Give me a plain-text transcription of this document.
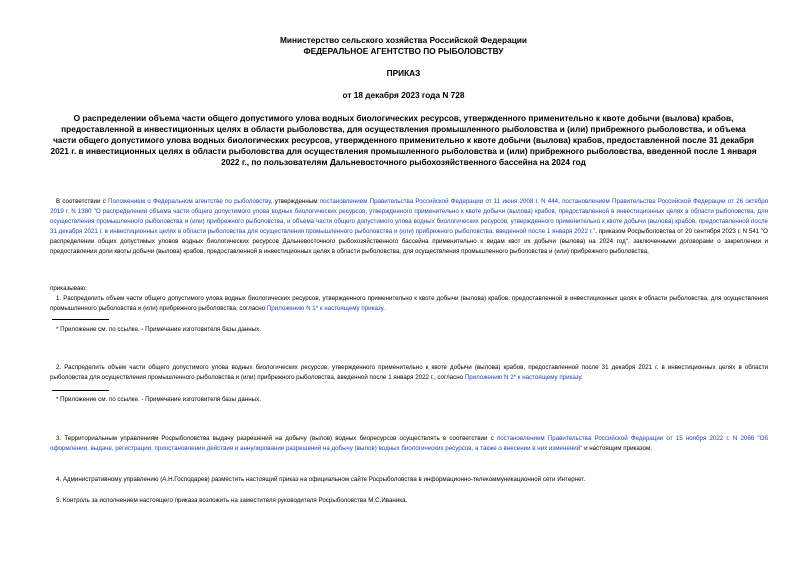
Министерство сельского хозяйства Российской Федерации
ФЕДЕРАЛЬНОЕ АГЕНТСТВО ПО РЫБОЛОВСТВУ
ПРИКАЗ
от 18 декабря 2023 года N 728
О распределении объема части общего допустимого улова водных биологических ресурсов, утвержденного применительно к квоте добычи (вылова) крабов, предоставленной в инвестиционных целях в области рыболовства, для осуществления промышленного рыболовства и (или) прибрежного рыболовства, и объема части общего допустимого улова водных биологических ресурсов, утвержденного применительно к квоте добычи (вылова) крабов, предоставленной после 31 декабря 2021 г. в инвестиционных целях в области рыболовства для осуществления промышленного рыболовства и (или) прибрежного рыболовства, введенной после 1 января 2022 г., по пользователям Дальневосточного рыбохозяйственного бассейна на 2024 год
В соответствии с Положением о Федеральном агентстве по рыболовству, утвержденным постановлением Правительства Российской Федерации от 11 июня 2008 г. N 444, постановлением Правительства Российской Федерации от 26 октября 2019 г. N 1380 "О распределении объема части общего допустимого улова водных биологических ресурсов, утвержденного применительно к квоте добычи (вылова) крабов, предоставленной в инвестиционных целях в области рыболовства, для осуществления промышленного рыболовства и (или) прибрежного рыболовства, и объема части общего допустимого улова водных биологических ресурсов, утвержденного применительно к квоте добычи (вылова) крабов, предоставленной после 31 декабря 2021 г. в инвестиционных целях в области рыболовства для осуществления промышленного рыболовства и (или) прибрежного рыболовства, введенной после 1 января 2022 г.", приказом Росрыболовства от 20 сентября 2023 г. N 541 "О распределении общих допустимых уловов водных биологических ресурсов Дальневосточного рыбохозяйственного бассейна применительно к видам квот их добычи (вылова) на 2024 год", заключенными договорами о закреплении и предоставлении доли квоты добычи (вылова) крабов, предоставленной в инвестиционных целях в области рыболовства, для осуществления промышленного рыболовства и (или) прибрежного рыболовства,
приказываю:
1. Распределить объем части общего допустимого улова водных биологических ресурсов, утвержденного применительно к квоте добычи (вылова) крабов, предоставленной в инвестиционных целях в области рыболовства, для осуществления промышленного рыболовства и (или) прибрежного рыболовства, согласно Приложению N 1* к настоящему приказу.
* Приложение см. по ссылке. - Примечание изготовителя базы данных.
2. Распределить объем части общего допустимого улова водных биологических ресурсов, утвержденного применительно к квоте добычи (вылова) крабов, предоставленной после 31 декабря 2021 г. в инвестиционных целях в области рыболовства для осуществления промышленного рыболовства и (или) прибрежного рыболовства, введенной после 1 января 2022 г., согласно Приложению N 2* к настоящему приказу.
* Приложение см. по ссылке. - Примечание изготовителя базы данных.
3. Территориальным управлениям Росрыболовства выдачу разрешений на добычу (вылов) водных биоресурсов осуществлять в соответствии с постановлением Правительства Российской Федерации от 15 ноября 2022 г. N 2066 "Об оформлении, выдаче, регистрации, приостановлении действия и аннулировании разрешений на добычу (вылов) водных биологических ресурсов, а также о внесении в них изменений" и настоящим приказом.
4. Административному управлению (А.Н.Господарев) разместить настоящий приказ на официальном сайте Росрыболовства в информационно-телекоммуникационной сети Интернет.
5. Контроль за исполнением настоящего приказа возложить на заместителя руководителя Росрыболовства М.С.Иваника.
